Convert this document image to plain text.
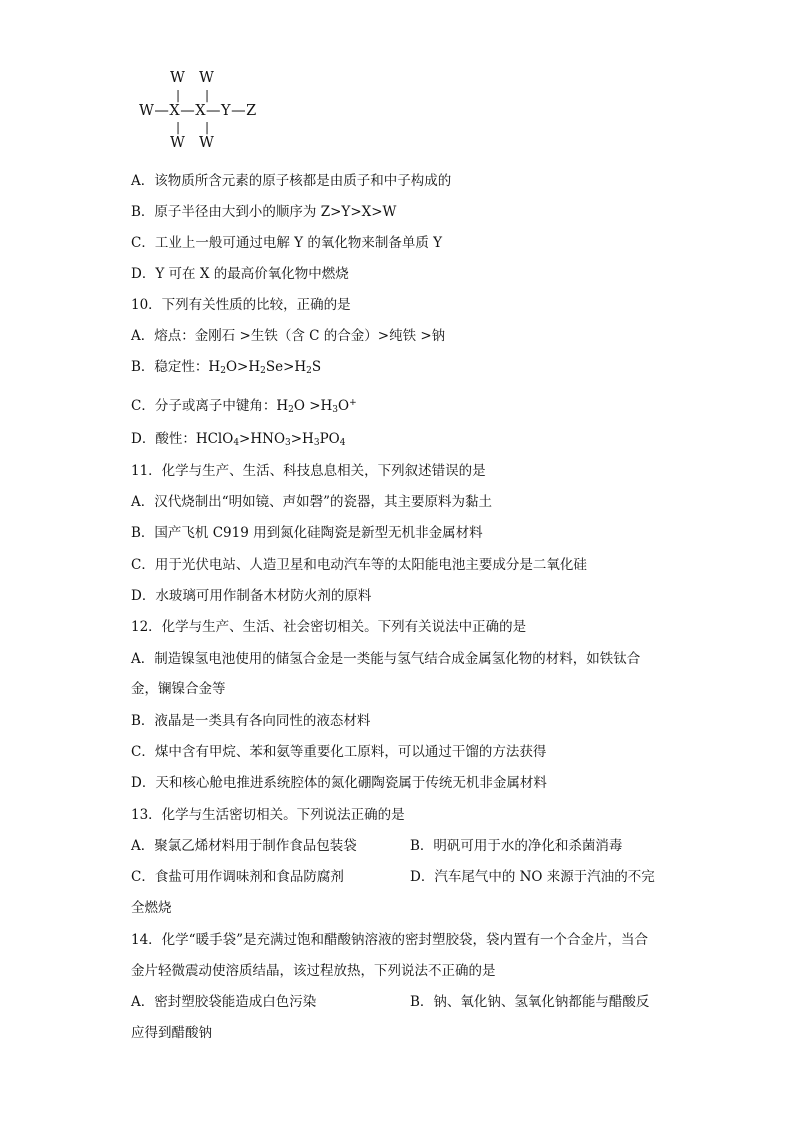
W W
| |
W—X—X—Y—Z
| |
W W
A．该物质所含元素的原子核都是由质子和中子构成的
B．原子半径由大到小的顺序为 Z>Y>X>W
C．工业上一般可通过电解 Y 的氧化物来制备单质 Y
D．Y 可在 X 的最高价氧化物中燃烧
10．下列有关性质的比较，正确的是
A．熔点：金刚石 >生铁（含 C 的合金）>纯铁 >钠
B．稳定性：$H_2O>H_2Se>H_2S$
C．分子或离子中键角：$H_2O >H_3O^+$
D．酸性：$HClO_4>HNO_3>H_3PO_4$
11．化学与生产、生活、科技息息相关，下列叙述错误的是
A．汉代烧制出“明如镜、声如磬”的瓷器，其主要原料为黏土
B．国产飞机 C919 用到氮化硅陶瓷是新型无机非金属材料
C．用于光伏电站、人造卫星和电动汽车等的太阳能电池主要成分是二氧化硅
D．水玻璃可用作制备木材防火剂的原料
12．化学与生产、生活、社会密切相关。下列有关说法中正确的是
A．制造镍氢电池使用的储氢合金是一类能与氢气结合成金属氢化物的材料，如铁钛合
金，镧镍合金等
B．液晶是一类具有各向同性的液态材料
C．煤中含有甲烷、苯和氨等重要化工原料，可以通过干馏的方法获得
D．天和核心舱电推进系统腔体的氮化硼陶瓷属于传统无机非金属材料
13．化学与生活密切相关。下列说法正确的是
A．聚氯乙烯材料用于制作食品包装袋	B．明矾可用于水的净化和杀菌消毒
C．食盐可用作调味剂和食品防腐剂	D．汽车尾气中的 NO 来源于汽油的不完
全燃烧
14．化学“暖手袋”是充满过饱和醋酸钠溶液的密封塑胶袋，袋内置有一个合金片，当合
金片轻微震动使溶质结晶，该过程放热，下列说法不正确的是
A．密封塑胶袋能造成白色污染	B．钠、氧化钠、氢氧化钠都能与醋酸反
应得到醋酸钠
